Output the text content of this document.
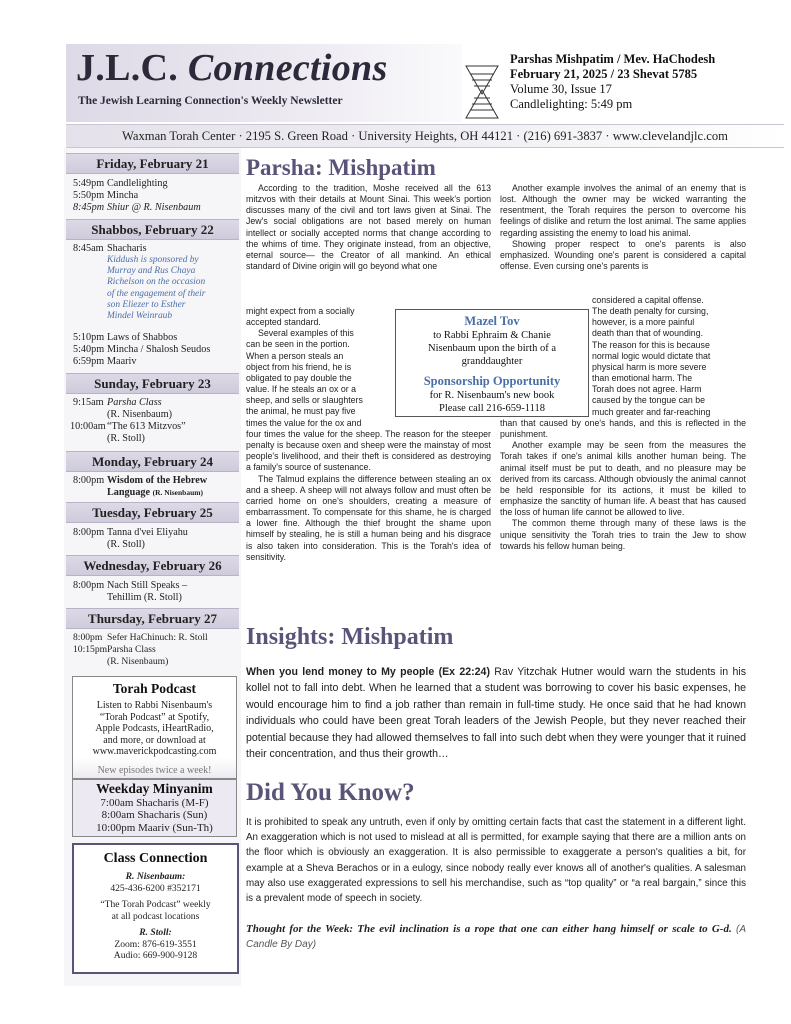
J.L.C. Connections
The Jewish Learning Connection's Weekly Newsletter
Parshas Mishpatim / Mev. HaChodesh
February 21, 2025 / 23 Shevat 5785
Volume 30, Issue 17
Candlelighting: 5:49 pm
Waxman Torah Center · 2195 S. Green Road · University Heights, OH 44121 · (216) 691-3837 · www.clevelandjlc.com
Friday, February 21
5:49pm Candlelighting
5:50pm Mincha
8:45pm Shiur @ R. Nisenbaum
Shabbos, February 22
8:45am Shacharis
Kiddush is sponsored by
Murray and Rus Chaya
Richelson on the occasion
of the engagement of their
son Eliezer to Esther
Mindel Weinraub
5:10pm Laws of Shabbos
5:40pm Mincha / Shalosh Seudos
6:59pm Maariv
Sunday, February 23
9:15am Parsha Class
(R. Nisenbaum)
10:00am“The 613 Mitzvos”
(R. Stoll)
Monday, February 24
8:00pm Wisdom of the Hebrew
Language (R. Nisenbaum)
Tuesday, February 25
8:00pm Tanna d'vei Eliyahu
(R. Stoll)
Wednesday, February 26
8:00pm Nach Still Speaks –
Tehillim (R. Stoll)
Thursday, February 27
8:00pm Sefer HaChinuch: R. Stoll
10:15pmParsha Class
(R. Nisenbaum)
Torah Podcast
Listen to Rabbi Nisenbaum's
“Torah Podcast” at Spotify,
Apple Podcasts, iHeartRadio,
and more, or download at
www.maverickpodcasting.com
New episodes twice a week!
Weekday Minyanim
7:00am Shacharis (M-F)
8:00am Shacharis (Sun)
10:00pm Maariv (Sun-Th)
Class Connection
R. Nisenbaum:
425-436-6200 #352171
“The Torah Podcast” weekly
at all podcast locations
R. Stoll:
Zoom: 876-619-3551
Audio: 669-900-9128
Parsha: Mishpatim

According to the tradition, Moshe received all the 613 mitzvos with their details at Mount Sinai. This week's portion discusses many of the civil and tort laws given at Sinai. The Jew's social obligations are not based merely on human intellect or socially accepted norms that change according to the whims of time. They originate instead, from an objective, eternal source— the Creator of all mankind. An ethical standard of Divine origin will go beyond what one

might expect from a socially
accepted standard.
Several examples of this
can be seen in the portion.
When a person steals an
object from his friend, he is
obligated to pay double the
value. If he steals an ox or a
sheep, and sells or slaughters
the animal, he must pay five
times the value for the ox and

four times the value for the sheep. The reason for the steeper penalty is because oxen and sheep were the mainstay of most people's livelihood, and their theft is considered as destroying a family's source of sustenance.

The Talmud explains the difference between stealing an ox and a sheep. A sheep will not always follow and must often be carried home on one's shoulders, creating a measure of embarrassment. To compensate for this shame, he is charged a lower fine. Although the thief brought the shame upon himself by stealing, he is still a human being and his disgrace is also taken into consideration. This is the Torah's idea of sensitivity.

Another example involves the animal of an enemy that is lost. Although the owner may be wicked warranting the resentment, the Torah requires the person to overcome his feelings of dislike and return the lost animal. The same applies regarding assisting the enemy to load his animal.

Showing proper respect to one's parents is also emphasized. Wounding one's parent is considered a capital offense. Even cursing one's parents is

considered a capital offense.
The death penalty for cursing,
however, is a more painful
death than that of wounding.
The reason for this is because
normal logic would dictate that
physical harm is more severe
than emotional harm. The
Torah does not agree. Harm
caused by the tongue can be
much greater and far-reaching

than that caused by one's hands, and this is reflected in the punishment.

Another example may be seen from the measures the Torah takes if one's animal kills another human being. The animal itself must be put to death, and no pleasure may be derived from its carcass. Although obviously the animal cannot be held responsible for its actions, it must be killed to emphasize the sanctity of human life. A beast that has caused the loss of human life cannot be allowed to live.

The common theme through many of these laws is the unique sensitivity the Torah tries to train the Jew to show towards his fellow human being.

Mazel Tov
to Rabbi Ephraim & Chanie
Nisenbaum upon the birth of a
granddaughter
Sponsorship Opportunity
for R. Nisenbaum's new book
Please call 216-659-1118
Insights: Mishpatim
When you lend money to My people (Ex 22:24) Rav Yitzchak Hutner would warn the students in his kollel not to fall into debt. When he learned that a student was borrowing to cover his basic expenses, he would encourage him to find a job rather than remain in full-time study. He once said that he had known individuals who could have been great Torah leaders of the Jewish People, but they never reached their potential because they had allowed themselves to fall into such debt when they were younger that it ruined their concentration, and thus their growth…
Did You Know?
It is prohibited to speak any untruth, even if only by omitting certain facts that cast the statement in a different light. An exaggeration which is not used to mislead at all is permitted, for example saying that there are a million ants on the floor which is obviously an exaggeration. It is also permissible to exaggerate a person's qualities a bit, for example at a Sheva Berachos or in a eulogy, since nobody really ever knows all of another's qualities. A salesman may also use exaggerated expressions to sell his merchandise, such as “top quality” or “a real bargain,” since this is a prevalent mode of speech in society.
Thought for the Week: The evil inclination is a rope that one can either hang himself or scale to G-d. (A Candle By Day)
